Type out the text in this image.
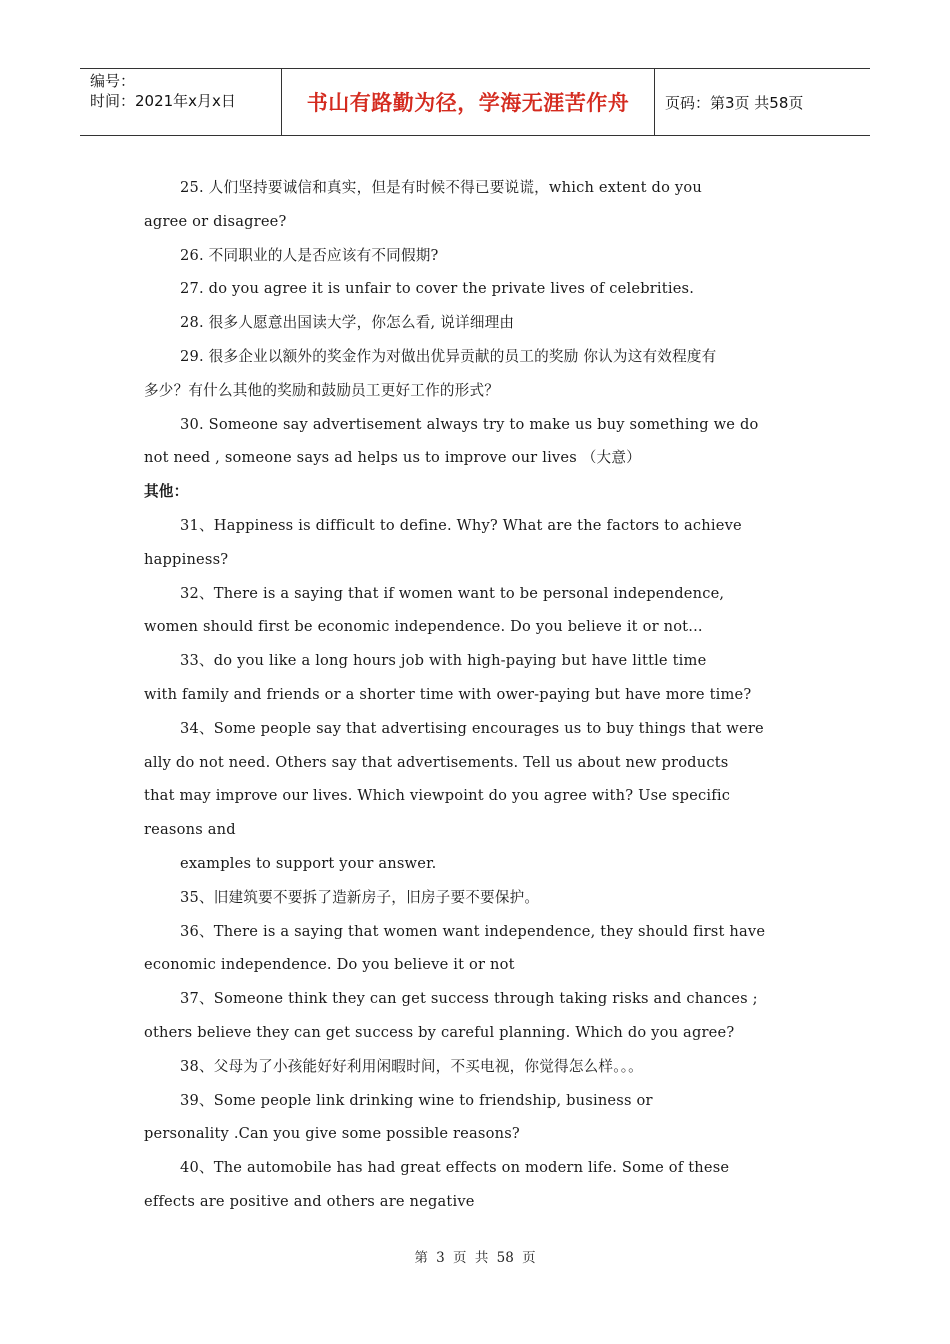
编号：
时间：2021年x月x日	书山有路勤为径，学海无涯苦作舟	页码：第3页 共58页
25. 人们坚持要诚信和真实，但是有时候不得已要说谎，which extent do you
agree or disagree?
26. 不同职业的人是否应该有不同假期?
27. do you agree it is unfair to cover the private lives of celebrities.
28. 很多人愿意出国读大学，你怎么看, 说详细理由
29. 很多企业以额外的奖金作为对做出优异贡献的员工的奖励 你认为这有效程度有
多少？有什么其他的奖励和鼓励员工更好工作的形式？
30. Someone say advertisement always try to make us buy something we do
not need , someone says ad helps us to improve our lives （大意）
其他：
31、Happiness is difficult to define. Why? What are the factors to achieve
happiness?
32、There is a saying that if women want to be personal independence,
women should first be economic independence. Do you believe it or not...
33、do you like a long hours job with high-paying but have little time
with family and friends or a shorter time with ower-paying but have more time?
34、Some people say that advertising encourages us to buy things that were
ally do not need. Others say that advertisements. Tell us about new products
that may improve our lives. Which viewpoint do you agree with? Use specific
reasons and
examples to support your answer.
35、旧建筑要不要拆了造新房子，旧房子要不要保护。
36、There is a saying that women want independence, they should first have
economic independence. Do you believe it or not
37、Someone think they can get success through taking risks and chances ;
others believe they can get success by careful planning. Which do you agree?
38、父母为了小孩能好好利用闲暇时间，不买电视，你觉得怎么样。。。
39、Some people link drinking wine to friendship, business or
personality .Can you give some possible reasons?
40、The automobile has had great effects on modern life. Some of these
effects are positive and others are negative
第 3 页 共 58 页
